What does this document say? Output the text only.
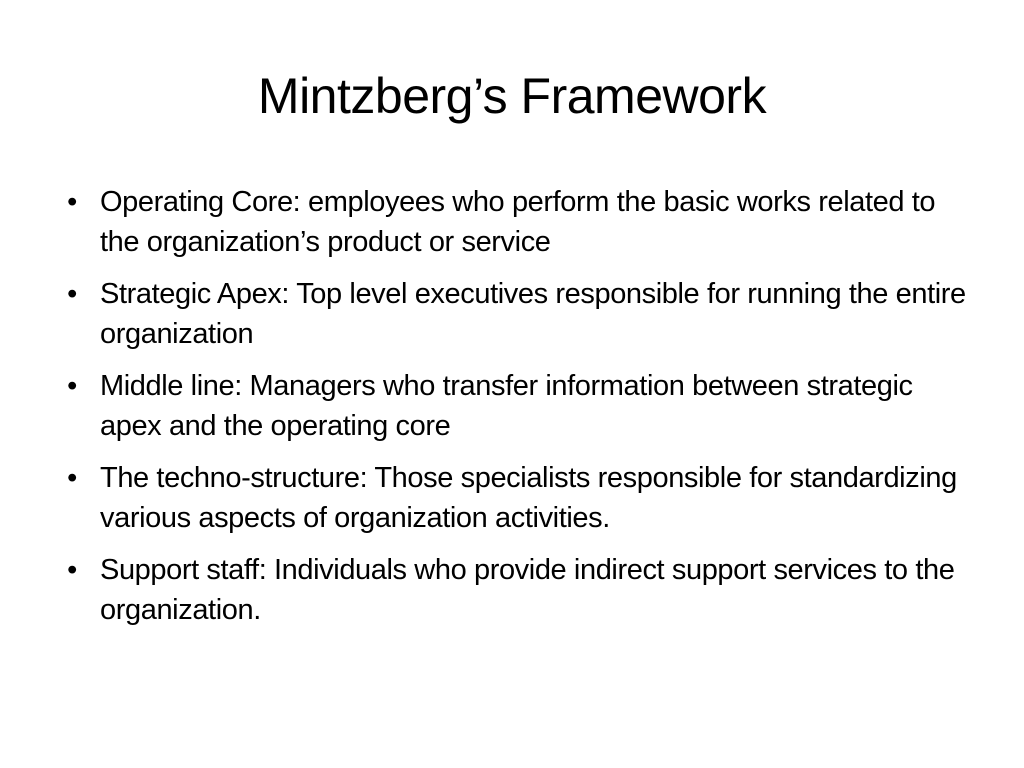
Mintzberg’s Framework
• Operating Core: employees who perform the basic works related to the organization’s product or service
• Strategic Apex: Top level executives responsible for running the entire organization
• Middle line: Managers who transfer information between strategic apex and the operating core
• The techno-structure: Those specialists responsible for standardizing various aspects of organization activities.
• Support staff: Individuals who provide indirect support services to the organization.
